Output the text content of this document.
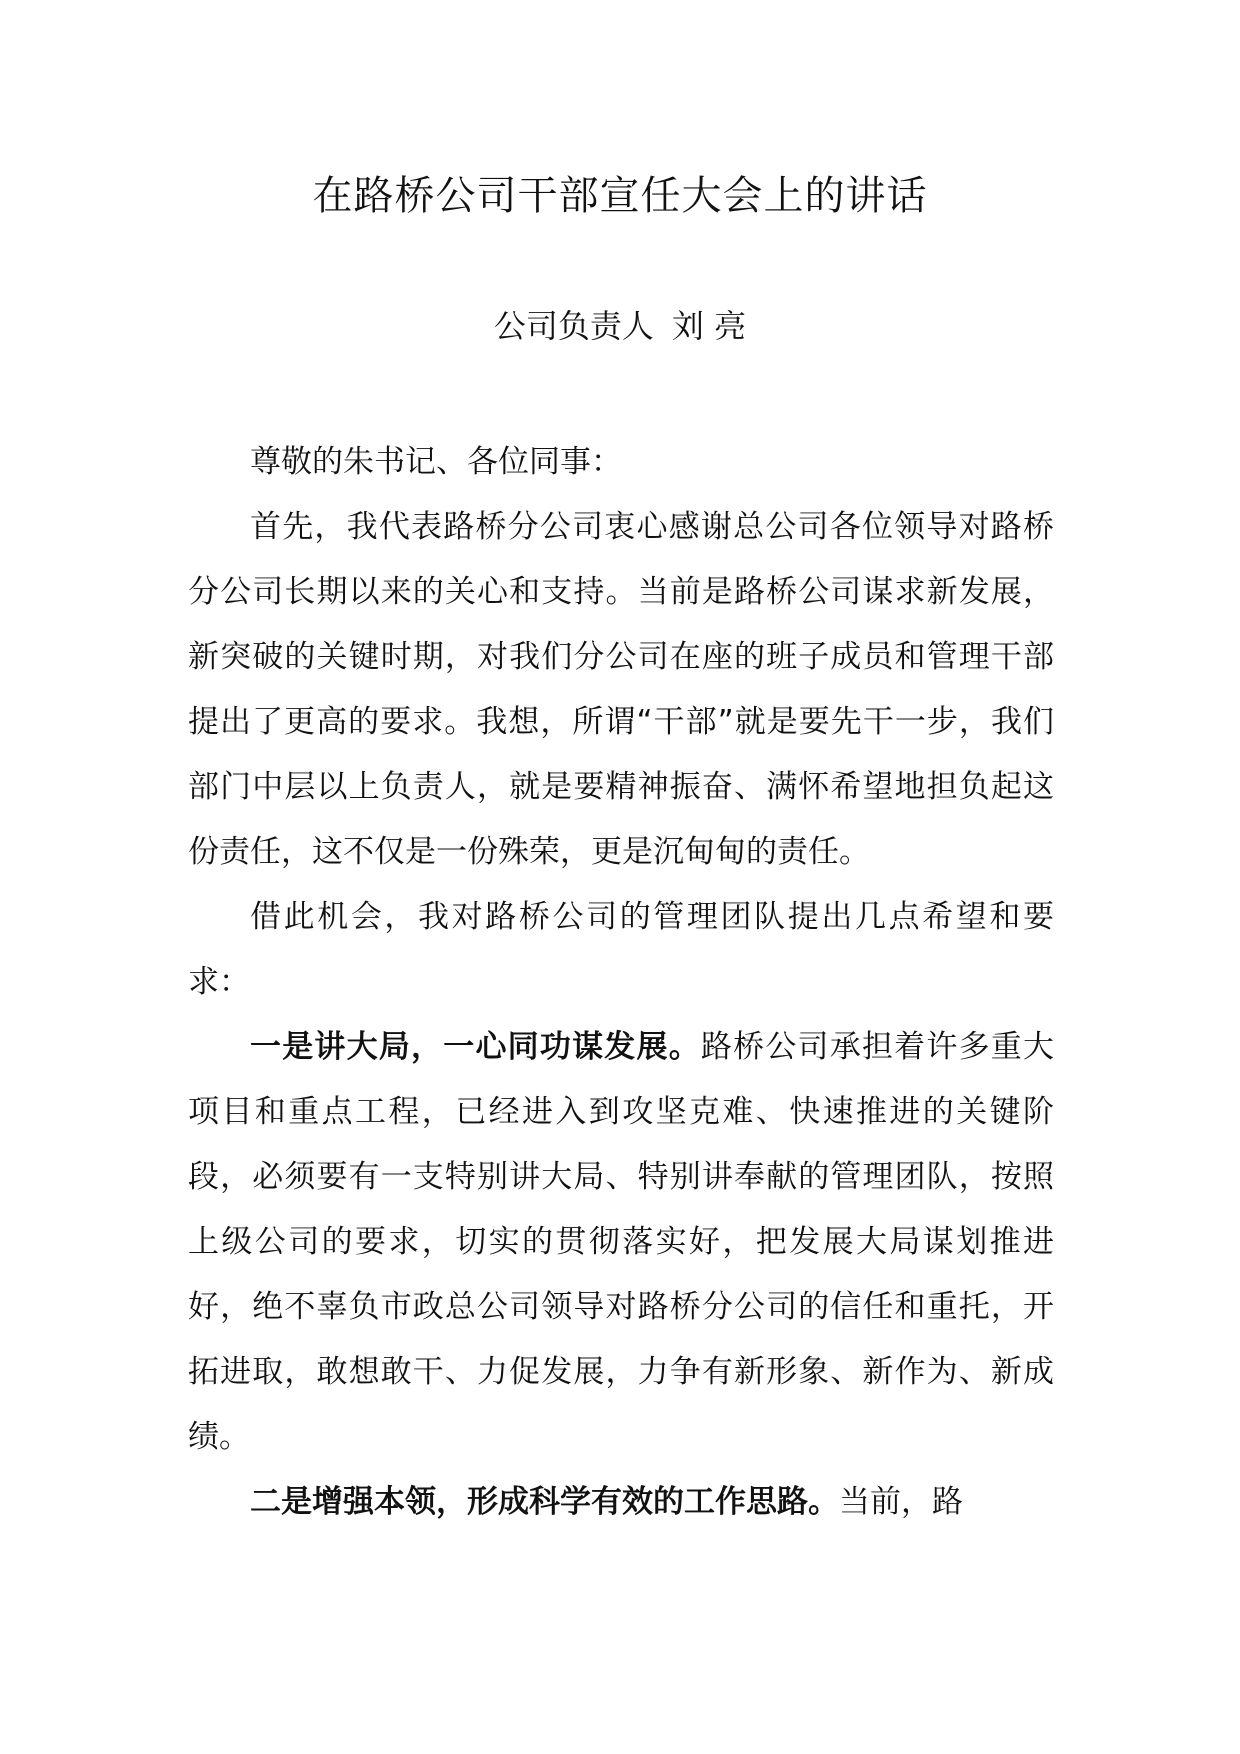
在路桥公司干部宣任大会上的讲话
公司负责人 刘 亮

尊敬的朱书记、各位同事：

首先，我代表路桥分公司衷心感谢总公司各位领导对路桥分公司长期以来的关心和支持。当前是路桥公司谋求新发展，新突破的关键时期，对我们分公司在座的班子成员和管理干部提出了更高的要求。我想，所谓“干部”就是要先干一步，我们部门中层以上负责人，就是要精神振奋、满怀希望地担负起这份责任，这不仅是一份殊荣，更是沉甸甸的责任。

借此机会，我对路桥公司的管理团队提出几点希望和要求：

一是讲大局，一心同功谋发展。路桥公司承担着许多重大项目和重点工程，已经进入到攻坚克难、快速推进的关键阶段，必须要有一支特别讲大局、特别讲奉献的管理团队，按照上级公司的要求，切实的贯彻落实好，把发展大局谋划推进好，绝不辜负市政总公司领导对路桥分公司的信任和重托，开拓进取，敢想敢干、力促发展，力争有新形象、新作为、新成绩。

二是增强本领，形成科学有效的工作思路。当前，路
